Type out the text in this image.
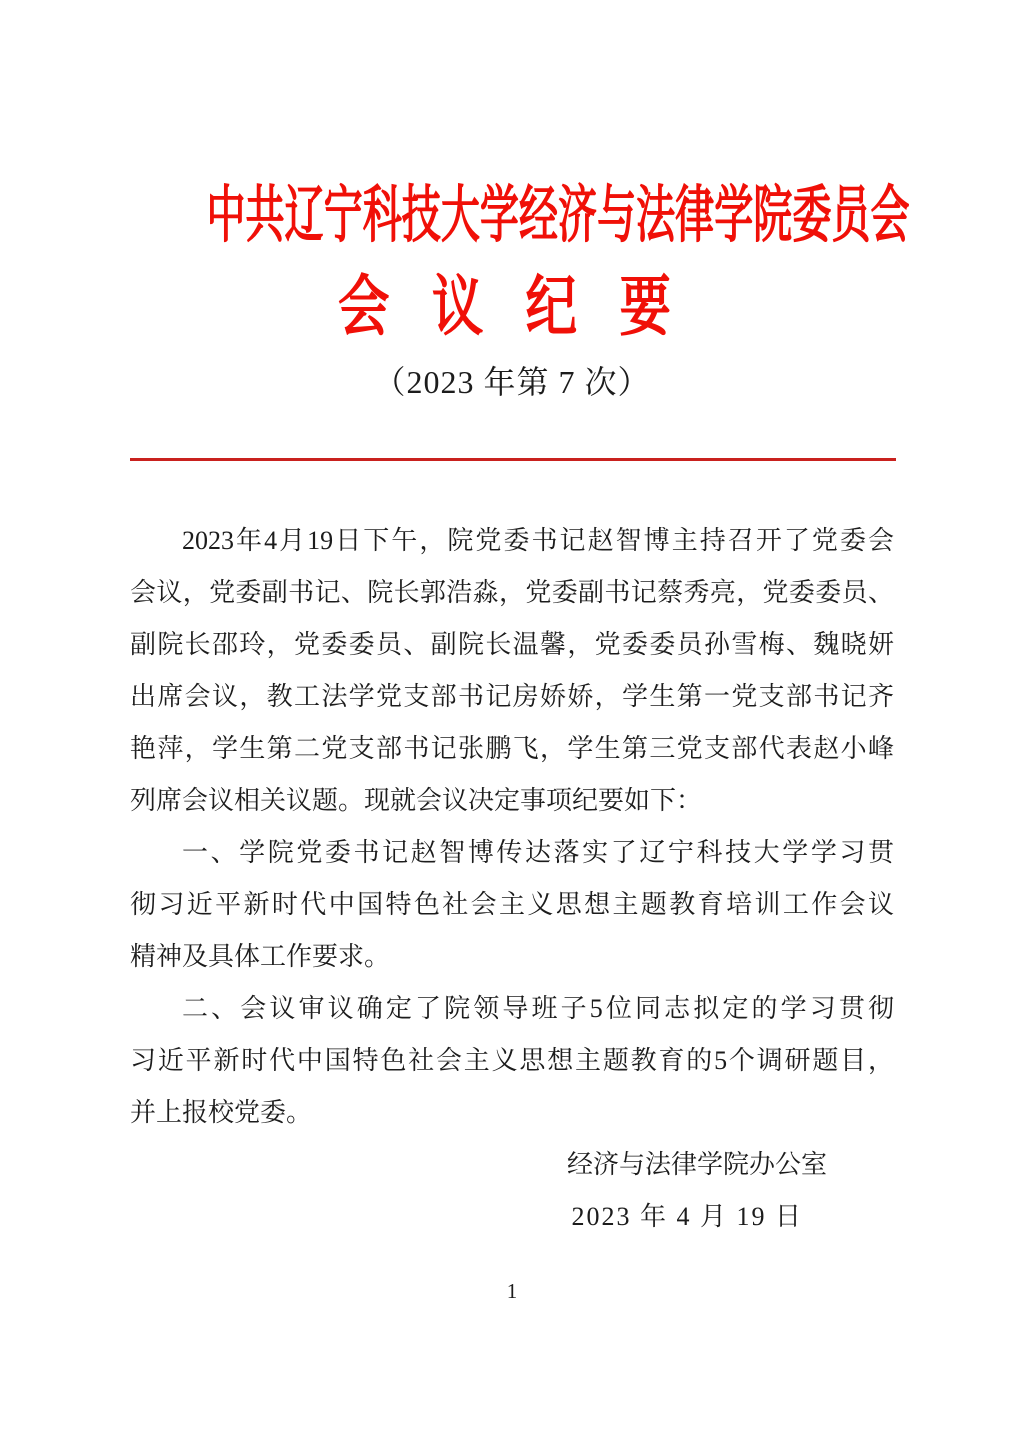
中共辽宁科技大学经济与法律学院委员会
会 议 纪 要
（2023 年第 7 次）
2023年4月19日下午，院党委书记赵智博主持召开了党委会
会议，党委副书记、院长郭浩淼，党委副书记蔡秀亮，党委委员、
副院长邵玲，党委委员、副院长温馨，党委委员孙雪梅、魏晓妍
出席会议，教工法学党支部书记房娇娇，学生第一党支部书记齐
艳萍，学生第二党支部书记张鹏飞，学生第三党支部代表赵小峰
列席会议相关议题。现就会议决定事项纪要如下：
一、学院党委书记赵智博传达落实了辽宁科技大学学习贯
彻习近平新时代中国特色社会主义思想主题教育培训工作会议
精神及具体工作要求。
二、会议审议确定了院领导班子5位同志拟定的学习贯彻
习近平新时代中国特色社会主义思想主题教育的5个调研题目，
并上报校党委。
经济与法律学院办公室
2023 年 4 月 19 日
1
